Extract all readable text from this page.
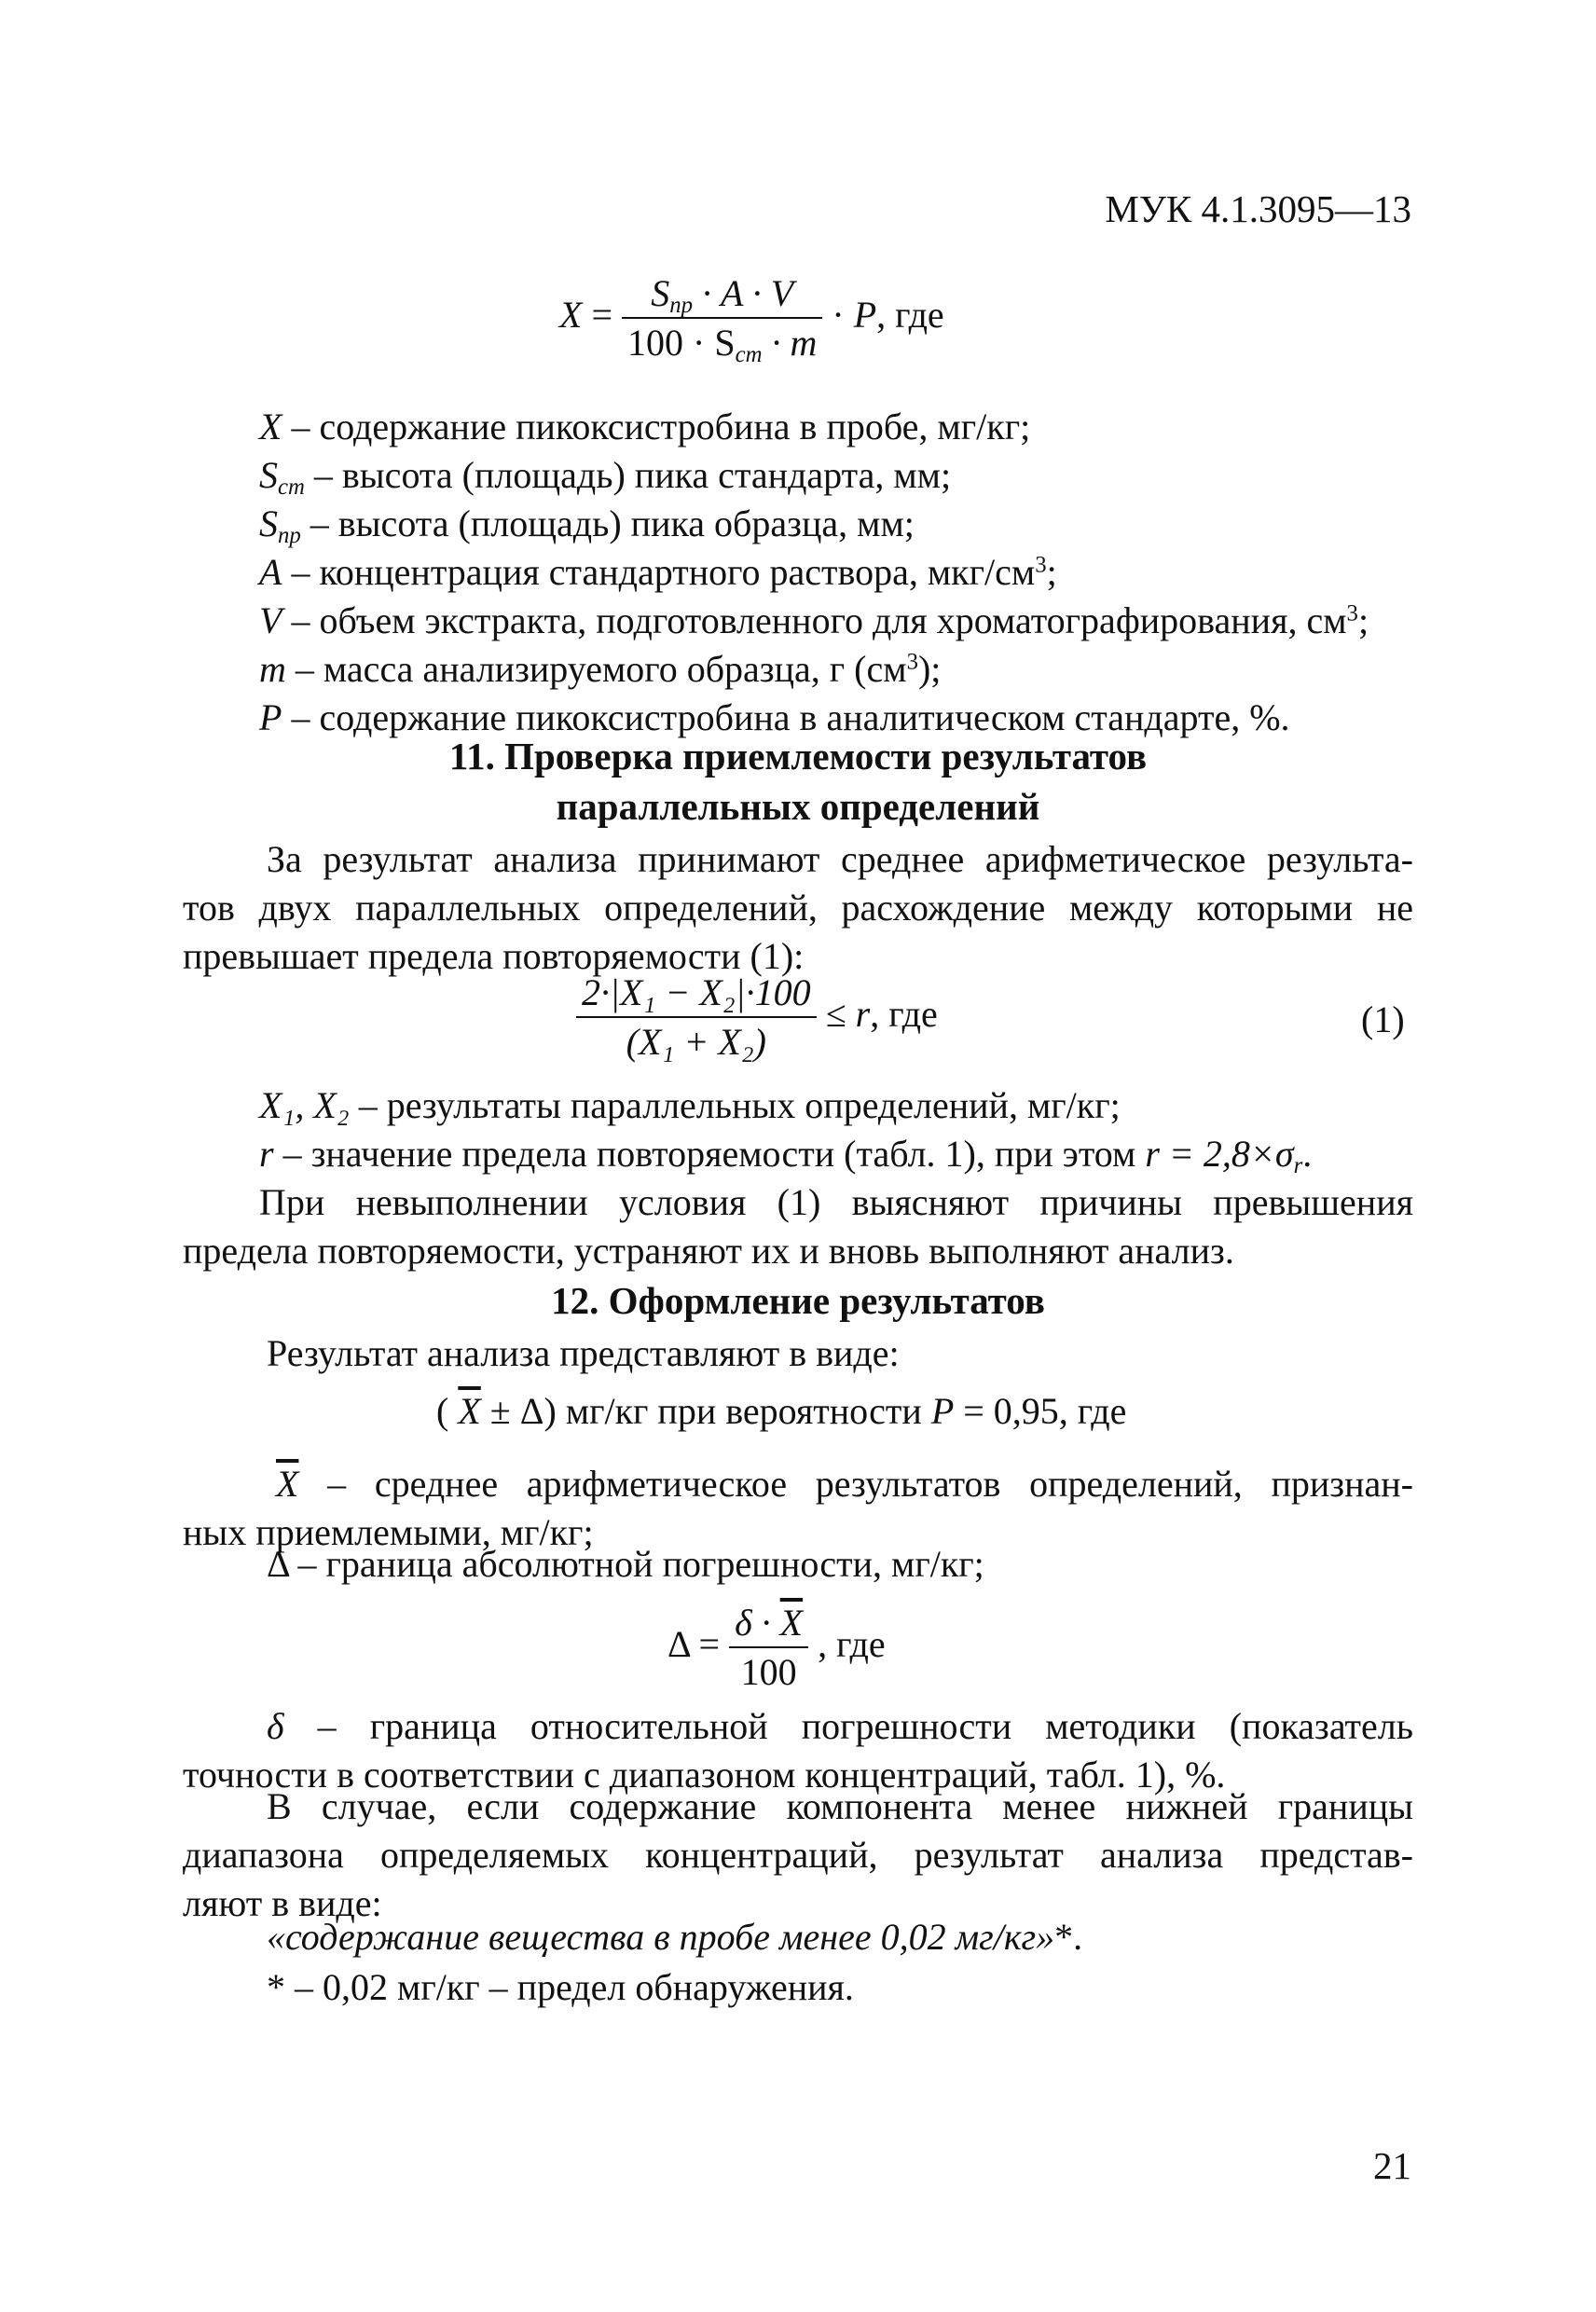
МУК 4.1.3095—13
$X = \frac{S_{пр} \cdot A \cdot V}{100 \cdot S_{ст} \cdot m} \cdot P$, где
X – содержание пикоксистробина в пробе, мг/кг;
$S_{ст}$ – высота (площадь) пика стандарта, мм;
$S_{пр}$ – высота (площадь) пика образца, мм;
A – концентрация стандартного раствора, мкг/$см^3$;
V – объем экстракта, подготовленного для хроматографирования, $см^3$;
m – масса анализируемого образца, г $(см^3)$;
P – содержание пикоксистробина в аналитическом стандарте, %.
11. Проверка приемлемости результатов
параллельных определений
За результат анализа принимают среднее арифметическое результа-
тов двух параллельных определений, расхождение между которыми не
превышает предела повторяемости (1):
$\frac{\text{2·|X₁ − X₂|·100}}{\text{(X₁ + X₂)}} \le r$, где	(1)
X₁, X₂ – результаты параллельных определений, мг/кг;
r – значение предела повторяемости (табл. 1), при этом $r = 2,8\times\sigma_r$.
При невыполнении условия (1) выясняют причины превышения
предела повторяемости, устраняют их и вновь выполняют анализ.
12. Оформление результатов
Результат анализа представляют в виде:
( $\overline{X} \pm \Delta$) мг/кг при вероятности P = 0,95, где
$\overline{X}$ – среднее арифметическое результатов определений, признан-
ных приемлемыми, мг/кг;
Δ – граница абсолютной погрешности, мг/кг;
$\Delta = \frac{\delta \cdot \overline{X}}{100}$ , где
δ – граница относительной погрешности методики (показатель
точности в соответствии с диапазоном концентраций, табл. 1), %.
В случае, если содержание компонента менее нижней границы
диапазона определяемых концентраций, результат анализа представ-
ляют в виде:
«содержание вещества в пробе менее 0,02 мг/кг»*.
* – 0,02 мг/кг – предел обнаружения.
21
